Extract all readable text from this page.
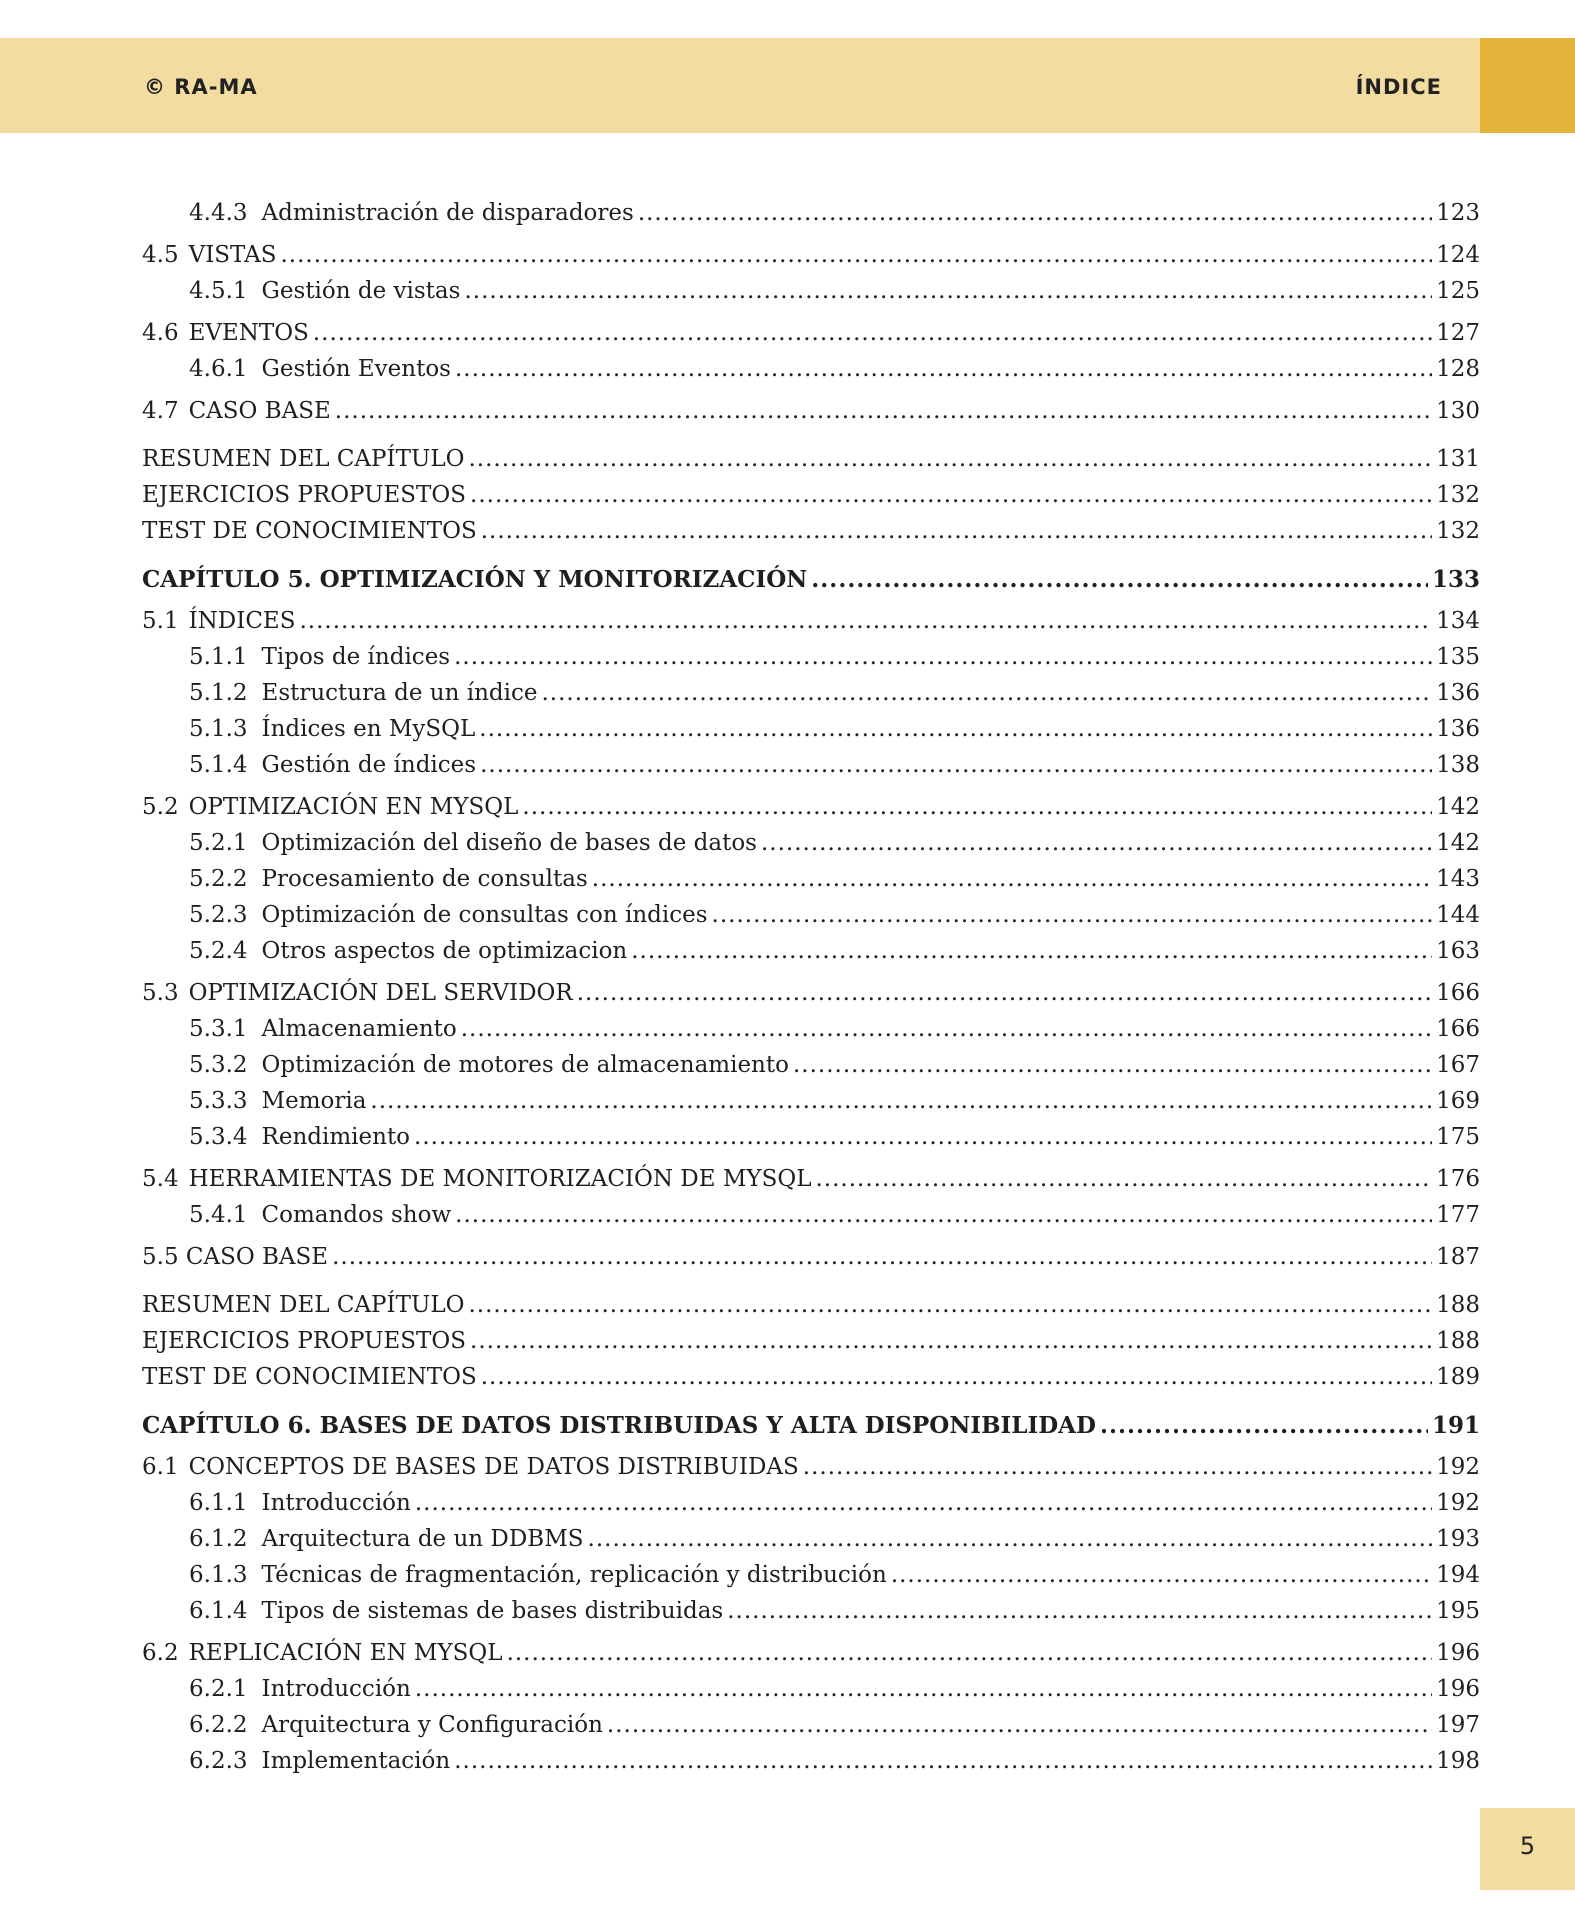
© RA-MA	ÍNDICE
4.4.3 Administración de disparadores .....	123
4.5 VISTAS .....	124
4.5.1 Gestión de vistas .....	125
4.6 EVENTOS .....	127
4.6.1 Gestión Eventos .....	128
4.7 CASO BASE .....	130
RESUMEN DEL CAPÍTULO .....	131
EJERCICIOS PROPUESTOS .....	132
TEST DE CONOCIMIENTOS .....	132
CAPÍTULO 5. OPTIMIZACIÓN Y MONITORIZACIÓN .....	133
5.1 ÍNDICES .....	134
5.1.1 Tipos de índices .....	135
5.1.2 Estructura de un índice .....	136
5.1.3 Índices en MySQL .....	136
5.1.4 Gestión de índices .....	138
5.2 OPTIMIZACIÓN EN MYSQL .....	142
5.2.1 Optimización del diseño de bases de datos .....	142
5.2.2 Procesamiento de consultas .....	143
5.2.3 Optimización de consultas con índices .....	144
5.2.4 Otros aspectos de optimizacion .....	163
5.3 OPTIMIZACIÓN DEL SERVIDOR .....	166
5.3.1 Almacenamiento .....	166
5.3.2 Optimización de motores de almacenamiento .....	167
5.3.3 Memoria .....	169
5.3.4 Rendimiento .....	175
5.4 HERRAMIENTAS DE MONITORIZACIÓN DE MYSQL .....	176
5.4.1 Comandos show .....	177
5.5 CASO BASE .....	187
RESUMEN DEL CAPÍTULO .....	188
EJERCICIOS PROPUESTOS .....	188
TEST DE CONOCIMIENTOS .....	189
CAPÍTULO 6. BASES DE DATOS DISTRIBUIDAS Y ALTA DISPONIBILIDAD .....	191
6.1 CONCEPTOS DE BASES DE DATOS DISTRIBUIDAS .....	192
6.1.1 Introducción .....	192
6.1.2 Arquitectura de un DDBMS .....	193
6.1.3 Técnicas de fragmentación, replicación y distribución .....	194
6.1.4 Tipos de sistemas de bases distribuidas .....	195
6.2 REPLICACIÓN EN MYSQL .....	196
6.2.1 Introducción .....	196
6.2.2 Arquitectura y Configuración .....	197
6.2.3 Implementación .....	198
5
